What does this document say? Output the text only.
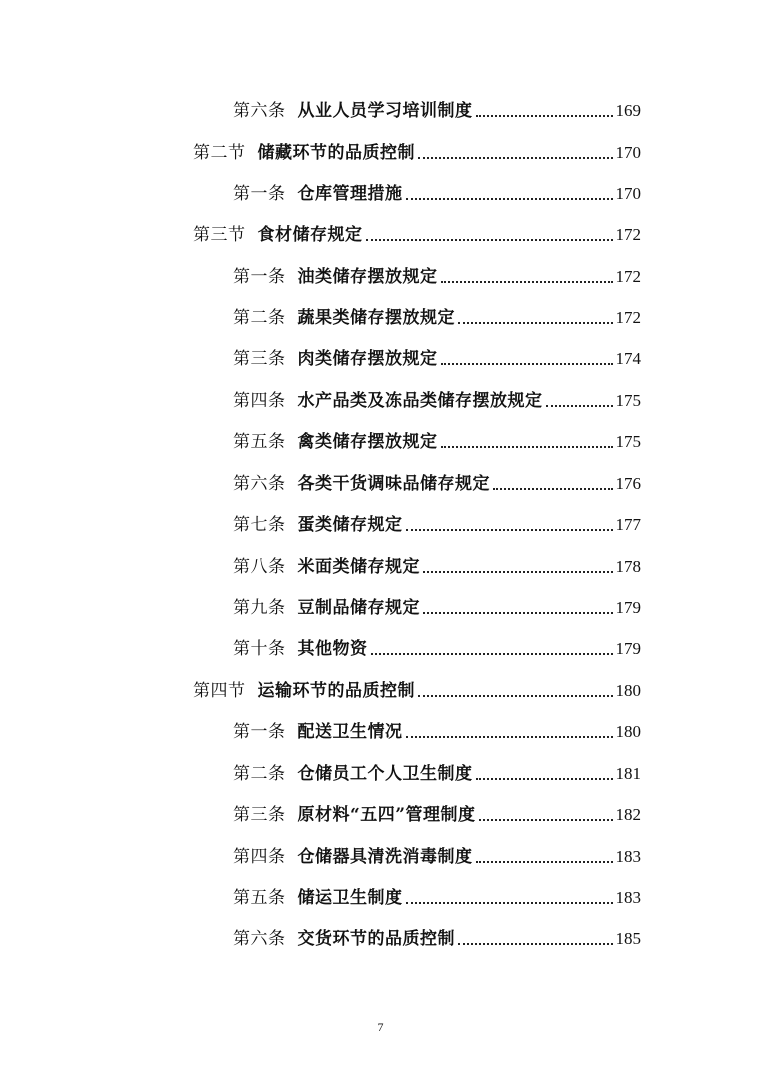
第六条 从业人员学习培训制度	169
第二节 储藏环节的品质控制	170
第一条 仓库管理措施	170
第三节 食材储存规定	172
第一条 油类储存摆放规定	172
第二条 蔬果类储存摆放规定	172
第三条 肉类储存摆放规定	174
第四条 水产品类及冻品类储存摆放规定	175
第五条 禽类储存摆放规定	175
第六条 各类干货调味品储存规定	176
第七条 蛋类储存规定	177
第八条 米面类储存规定	178
第九条 豆制品储存规定	179
第十条 其他物资	179
第四节 运输环节的品质控制	180
第一条 配送卫生情况	180
第二条 仓储员工个人卫生制度	181
第三条 原材料“五四”管理制度	182
第四条 仓储器具清洗消毒制度	183
第五条 储运卫生制度	183
第六条 交货环节的品质控制	185
7
